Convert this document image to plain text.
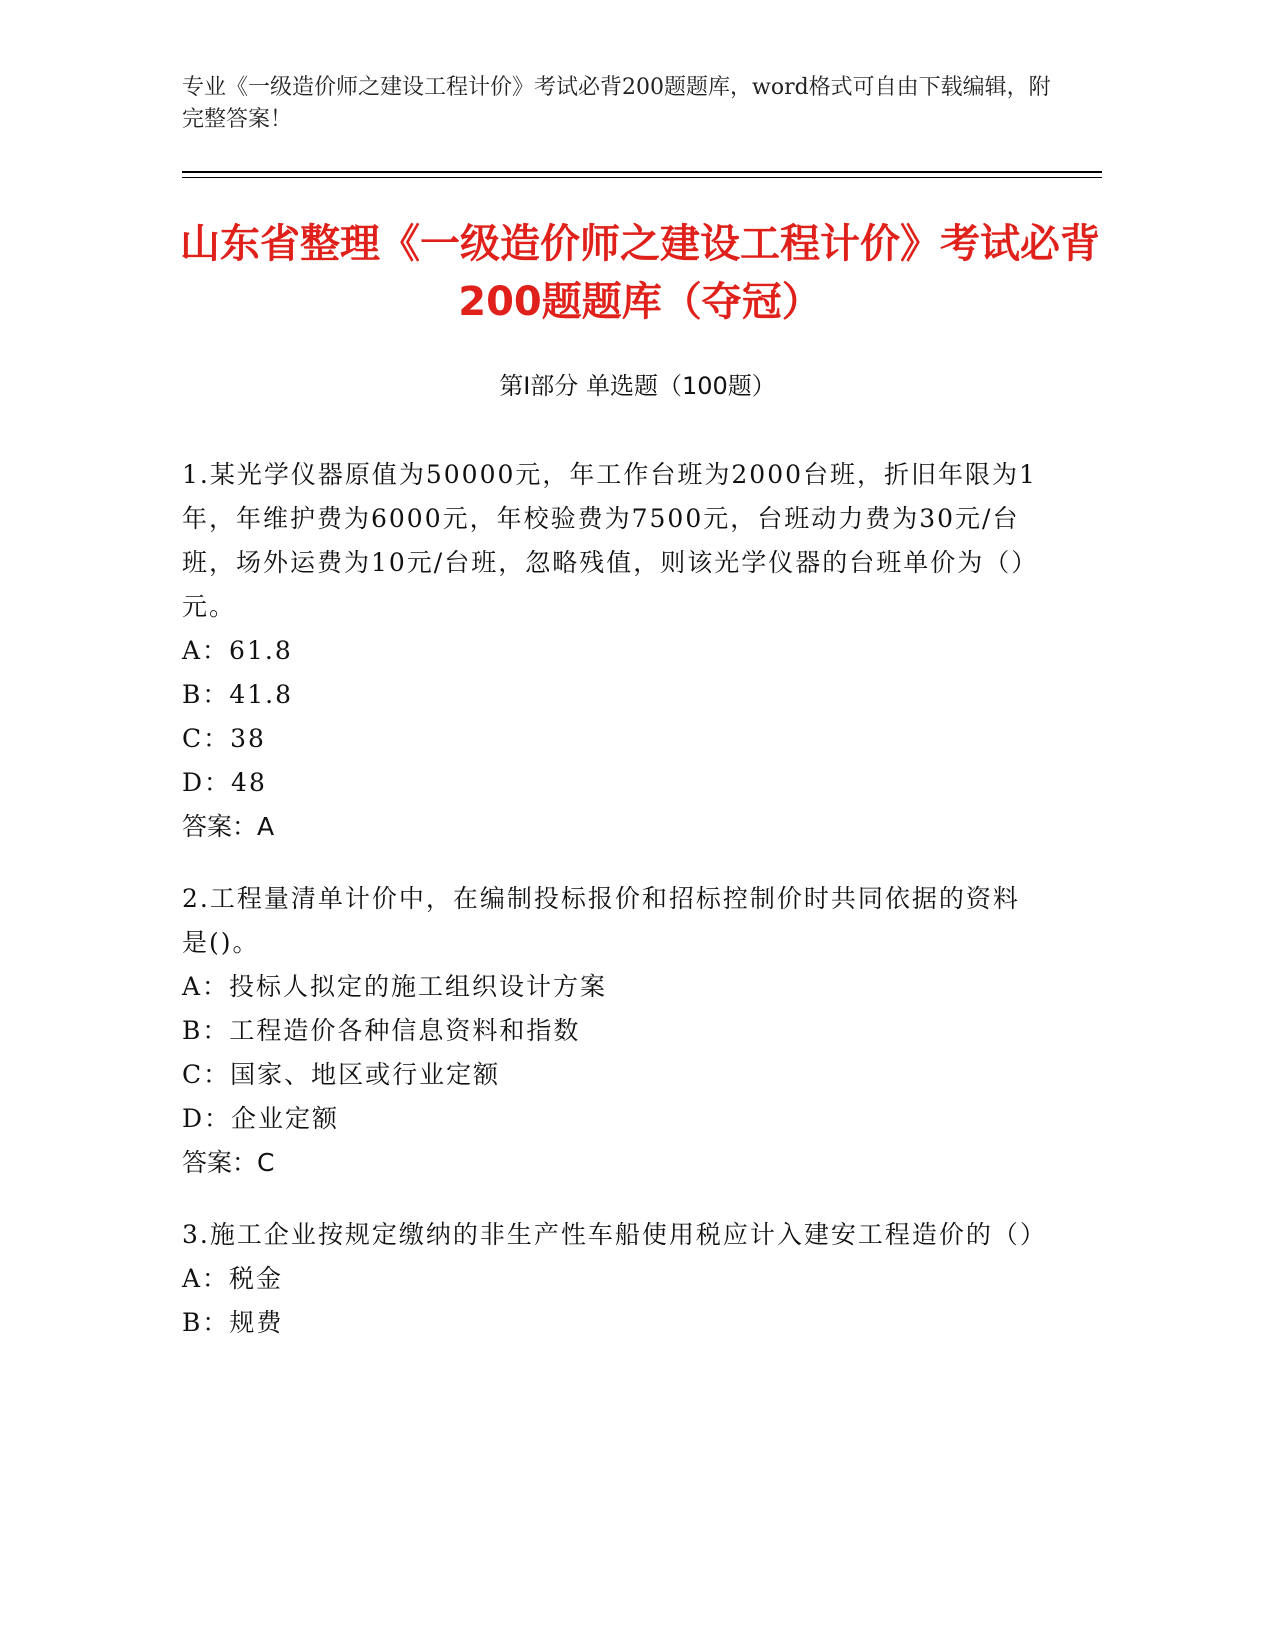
专业《一级造价师之建设工程计价》考试必背200题题库，word格式可自由下载编辑，附完整答案！
山东省整理《一级造价师之建设工程计价》考试必背200题题库（夺冠）
第I部分 单选题（100题）

1.某光学仪器原值为50000元，年工作台班为2000台班，折旧年限为1年，年维护费为6000元，年校验费为7500元，台班动力费为30元/台班，场外运费为10元/台班，忽略残值，则该光学仪器的台班单价为（）元。

A：61.8

B：41.8

C：38

D：48

答案：A

2.工程量清单计价中，在编制投标报价和招标控制价时共同依据的资料是()。

A：投标人拟定的施工组织设计方案

B：工程造价各种信息资料和指数

C：国家、地区或行业定额

D：企业定额

答案：C

3.施工企业按规定缴纳的非生产性车船使用税应计入建安工程造价的（）

A：税金

B：规费
